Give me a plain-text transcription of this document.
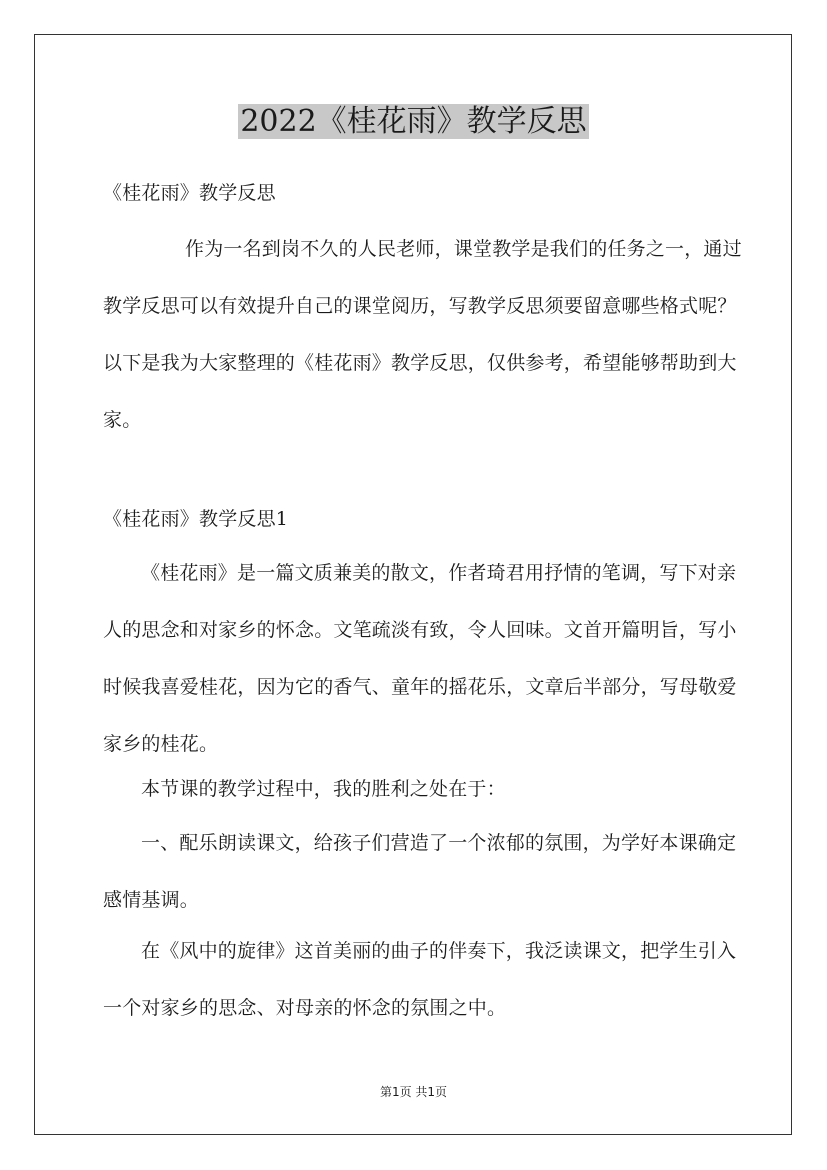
2022《桂花雨》教学反思

《桂花雨》教学反思

作为一名到岗不久的人民老师，课堂教学是我们的任务之一，通过教学反思可以有效提升自己的课堂阅历，写教学反思须要留意哪些格式呢？以下是我为大家整理的《桂花雨》教学反思，仅供参考，希望能够帮助到大家。

《桂花雨》教学反思1

《桂花雨》是一篇文质兼美的散文，作者琦君用抒情的笔调，写下对亲人的思念和对家乡的怀念。文笔疏淡有致，令人回味。文首开篇明旨，写小时候我喜爱桂花，因为它的香气、童年的摇花乐，文章后半部分，写母敬爱家乡的桂花。

本节课的教学过程中，我的胜利之处在于：

一、配乐朗读课文，给孩子们营造了一个浓郁的氛围，为学好本课确定感情基调。

在《风中的旋律》这首美丽的曲子的伴奏下，我泛读课文，把学生引入一个对家乡的思念、对母亲的怀念的氛围之中。

第1页 共1页
